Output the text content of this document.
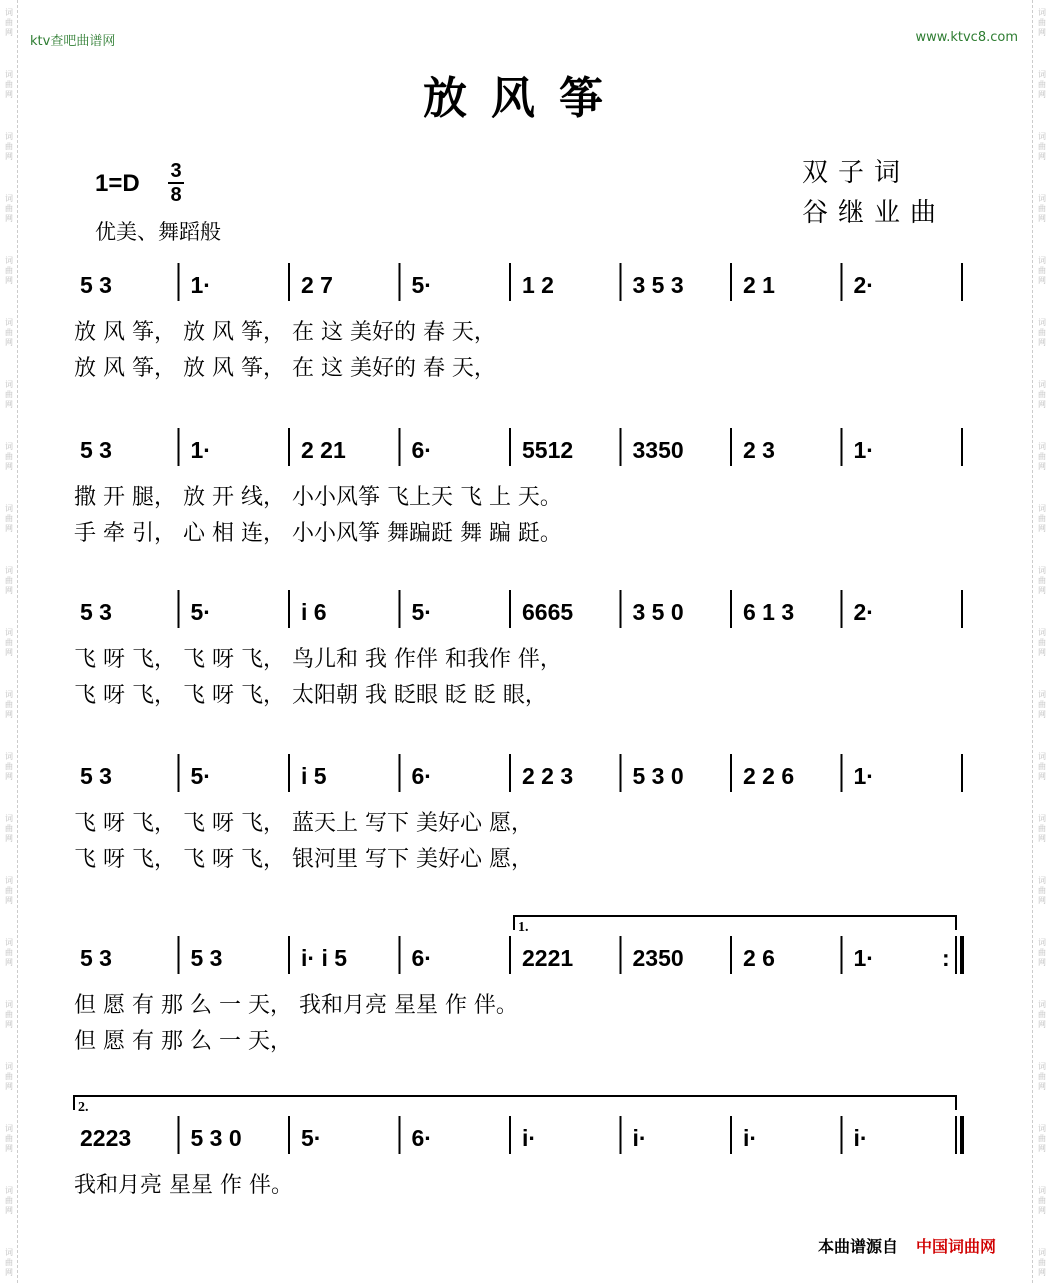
词
曲
网
词
曲
网
词
曲
网
词
曲
网
词
曲
网
词
曲
网
词
曲
网
词
曲
网
词
曲
网
词
曲
网
词
曲
网
词
曲
网
词
曲
网
词
曲
网
词
曲
网
词
曲
网
词
曲
网
词
曲
网
词
曲
网
词
曲
网
词
曲
网
词
曲
网
词
曲
网
词
曲
网
词
曲
网
词
曲
网
词
曲
网
词
曲
网
词
曲
网
词
曲
网
词
曲
网
词
曲
网
词
曲
网
词
曲
网
词
曲
网
词
曲
网
词
曲
网
词
曲
网
词
曲
网
词
曲
网
词
曲
网
词
曲
网
ktv查吧曲谱网	www.ktvc8.com
放风筝
1=D 3
8
优美、舞蹈般
双子词
谷继业曲
5 3	1·	2 7	5·	1 2	3 5 3	2 1	2·
放 风 筝， 放 风 筝， 在 这 美好的 春 天，
放 风 筝， 放 风 筝， 在 这 美好的 春 天，
5 3	1·	2 21	6·	5512	3350	2 3	1·
撒 开 腿， 放 开 线， 小小风筝 飞上天 飞 上 天。
手 牵 引， 心 相 连， 小小风筝 舞蹁跹 舞 蹁 跹。
5 3	5·	i 6	5·	6665	3 5 0	6 1 3	2·
飞 呀 飞， 飞 呀 飞， 鸟儿和 我 作伴 和我作 伴，
飞 呀 飞， 飞 呀 飞， 太阳朝 我 眨眼 眨 眨 眼，
5 3	5·	i 5	6·	2 2 3	5 3 0	2 2 6	1·
飞 呀 飞， 飞 呀 飞， 蓝天上 写下 美好心 愿，
飞 呀 飞， 飞 呀 飞， 银河里 写下 美好心 愿，
5 3	5 3	i· i 5	6·	2221	2350	2 6	1·	:
1.
但 愿 有 那 么 一 天， 我和月亮 星星 作 伴。
但 愿 有 那 么 一 天，
2223	5 3 0	5·	6·	i·	i·	i·	i·
2.
我和月亮 星星 作 伴。
本曲谱源自 中国词曲网
